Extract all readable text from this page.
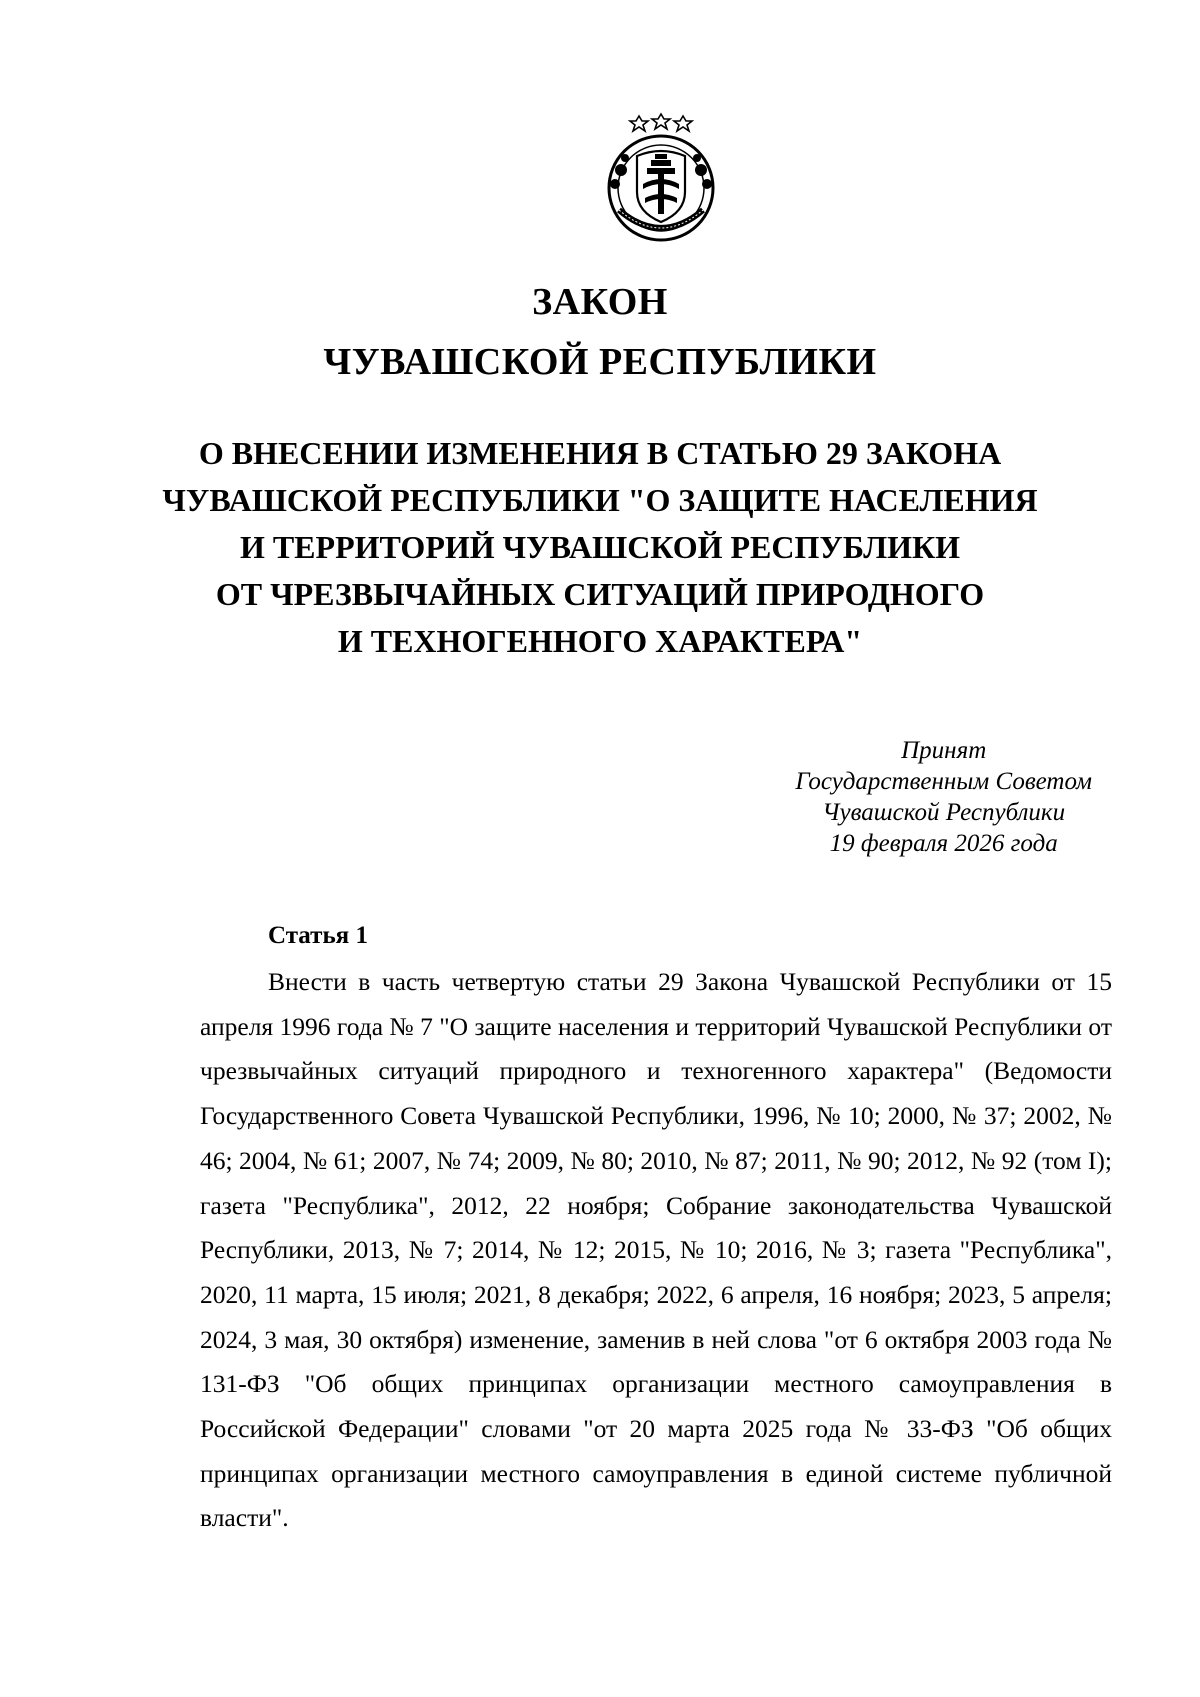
ЗАКОН
ЧУВАШСКОЙ РЕСПУБЛИКИ
О ВНЕСЕНИИ ИЗМЕНЕНИЯ В СТАТЬЮ 29 ЗАКОНА
ЧУВАШСКОЙ РЕСПУБЛИКИ "О ЗАЩИТЕ НАСЕЛЕНИЯ
И ТЕРРИТОРИЙ ЧУВАШСКОЙ РЕСПУБЛИКИ
ОТ ЧРЕЗВЫЧАЙНЫХ СИТУАЦИЙ ПРИРОДНОГО
И ТЕХНОГЕННОГО ХАРАКТЕРА"
Принят
Государственным Советом
Чувашской Республики
19 февраля 2026 года
Статья 1

Внести в часть четвертую статьи 29 Закона Чувашской Республики от 15 апреля 1996 года № 7 "О защите населения и территорий Чувашской Республики от чрезвычайных ситуаций природного и техногенного характера" (Ведомости Государственного Совета Чувашской Республики, 1996, № 10; 2000, № 37; 2002, № 46; 2004, № 61; 2007, № 74; 2009, № 80; 2010, № 87; 2011, № 90; 2012, № 92 (том I); газета "Республика", 2012, 22 ноября; Собрание законодательства Чувашской Республики, 2013, № 7; 2014, № 12; 2015, № 10; 2016, № 3; газета "Республика", 2020, 11 марта, 15 июля; 2021, 8 декабря; 2022, 6 апреля, 16 ноября; 2023, 5 апреля; 2024, 3 мая, 30 октября) изменение, заменив в ней слова "от 6 октября 2003 года № 131-ФЗ "Об общих принципах организации местного самоуправления в Российской Федерации" словами "от 20 марта 2025 года № 33-ФЗ "Об общих принципах организации местного самоуправления в единой системе публичной власти".
